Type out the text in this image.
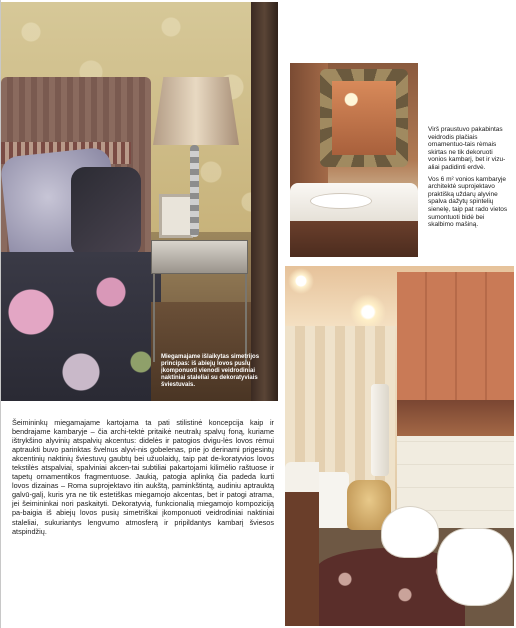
Miegamajame išlaikytas simetrijos principas: iš abiejų lovos pusių įkomponuoti vienodi veidrodiniai naktiniai staleliai su dekoratyviais šviestuvais.

Virš praustuvo pakabintas veidrodis plačiais ornamentuo-tais rėmais skirtas ne tik dekoruoti vonios kambarį, bet ir vizu-aliai padidinti erdvė.

Vos 6 m² vonios kambaryje architektė suprojektavo praktišką uždarų alyvine spalva dažytų spintelių sienelę, taip pat rado vietos sumontuoti bidė bei skalbimo mašiną.

Šeimininkų miegamajame kartojama ta pati stilistinė koncepcija kaip ir bendrajame kambaryje – čia archi-tektė pritaikė neutralų spalvų foną, kuriame ištrykšino alyvinių atspalvių akcentus: didelės ir patogios dvigu-lės lovos rėmui aptraukti buvo parinktas švelnus alyvi-nis gobelenas, prie jo derinami prigesintų akcentinių naktinių šviestuvų gaubtų bei užuolaidų, taip pat de-koratyvios lovos tekstilės atspalviai, spalviniai akcen-tai subtiliai pakartojami kilimėlio raštuose ir tapetų ornamentikos fragmentuose. Jaukią, patogia aplinką čia padeda kurti lovos dizainas – Roma suprojektavo itin aukštą, paminkštintą, audiniu aptrauktą galvū-galį, kuris yra ne tik estetiškas miegamojo akcentas, bet ir patogi atrama, jei šeimininkai nori paskaityti. Dekoratyvią, funkcionalią miegamojo kompoziciją pa-baigia iš abiejų lovos pusių simetriškai įkomponuoti veidrodiniai naktiniai staleliai, sukuriantys lengvumo atmosferą ir pripildantys kambarį šviesos atspindžių.
